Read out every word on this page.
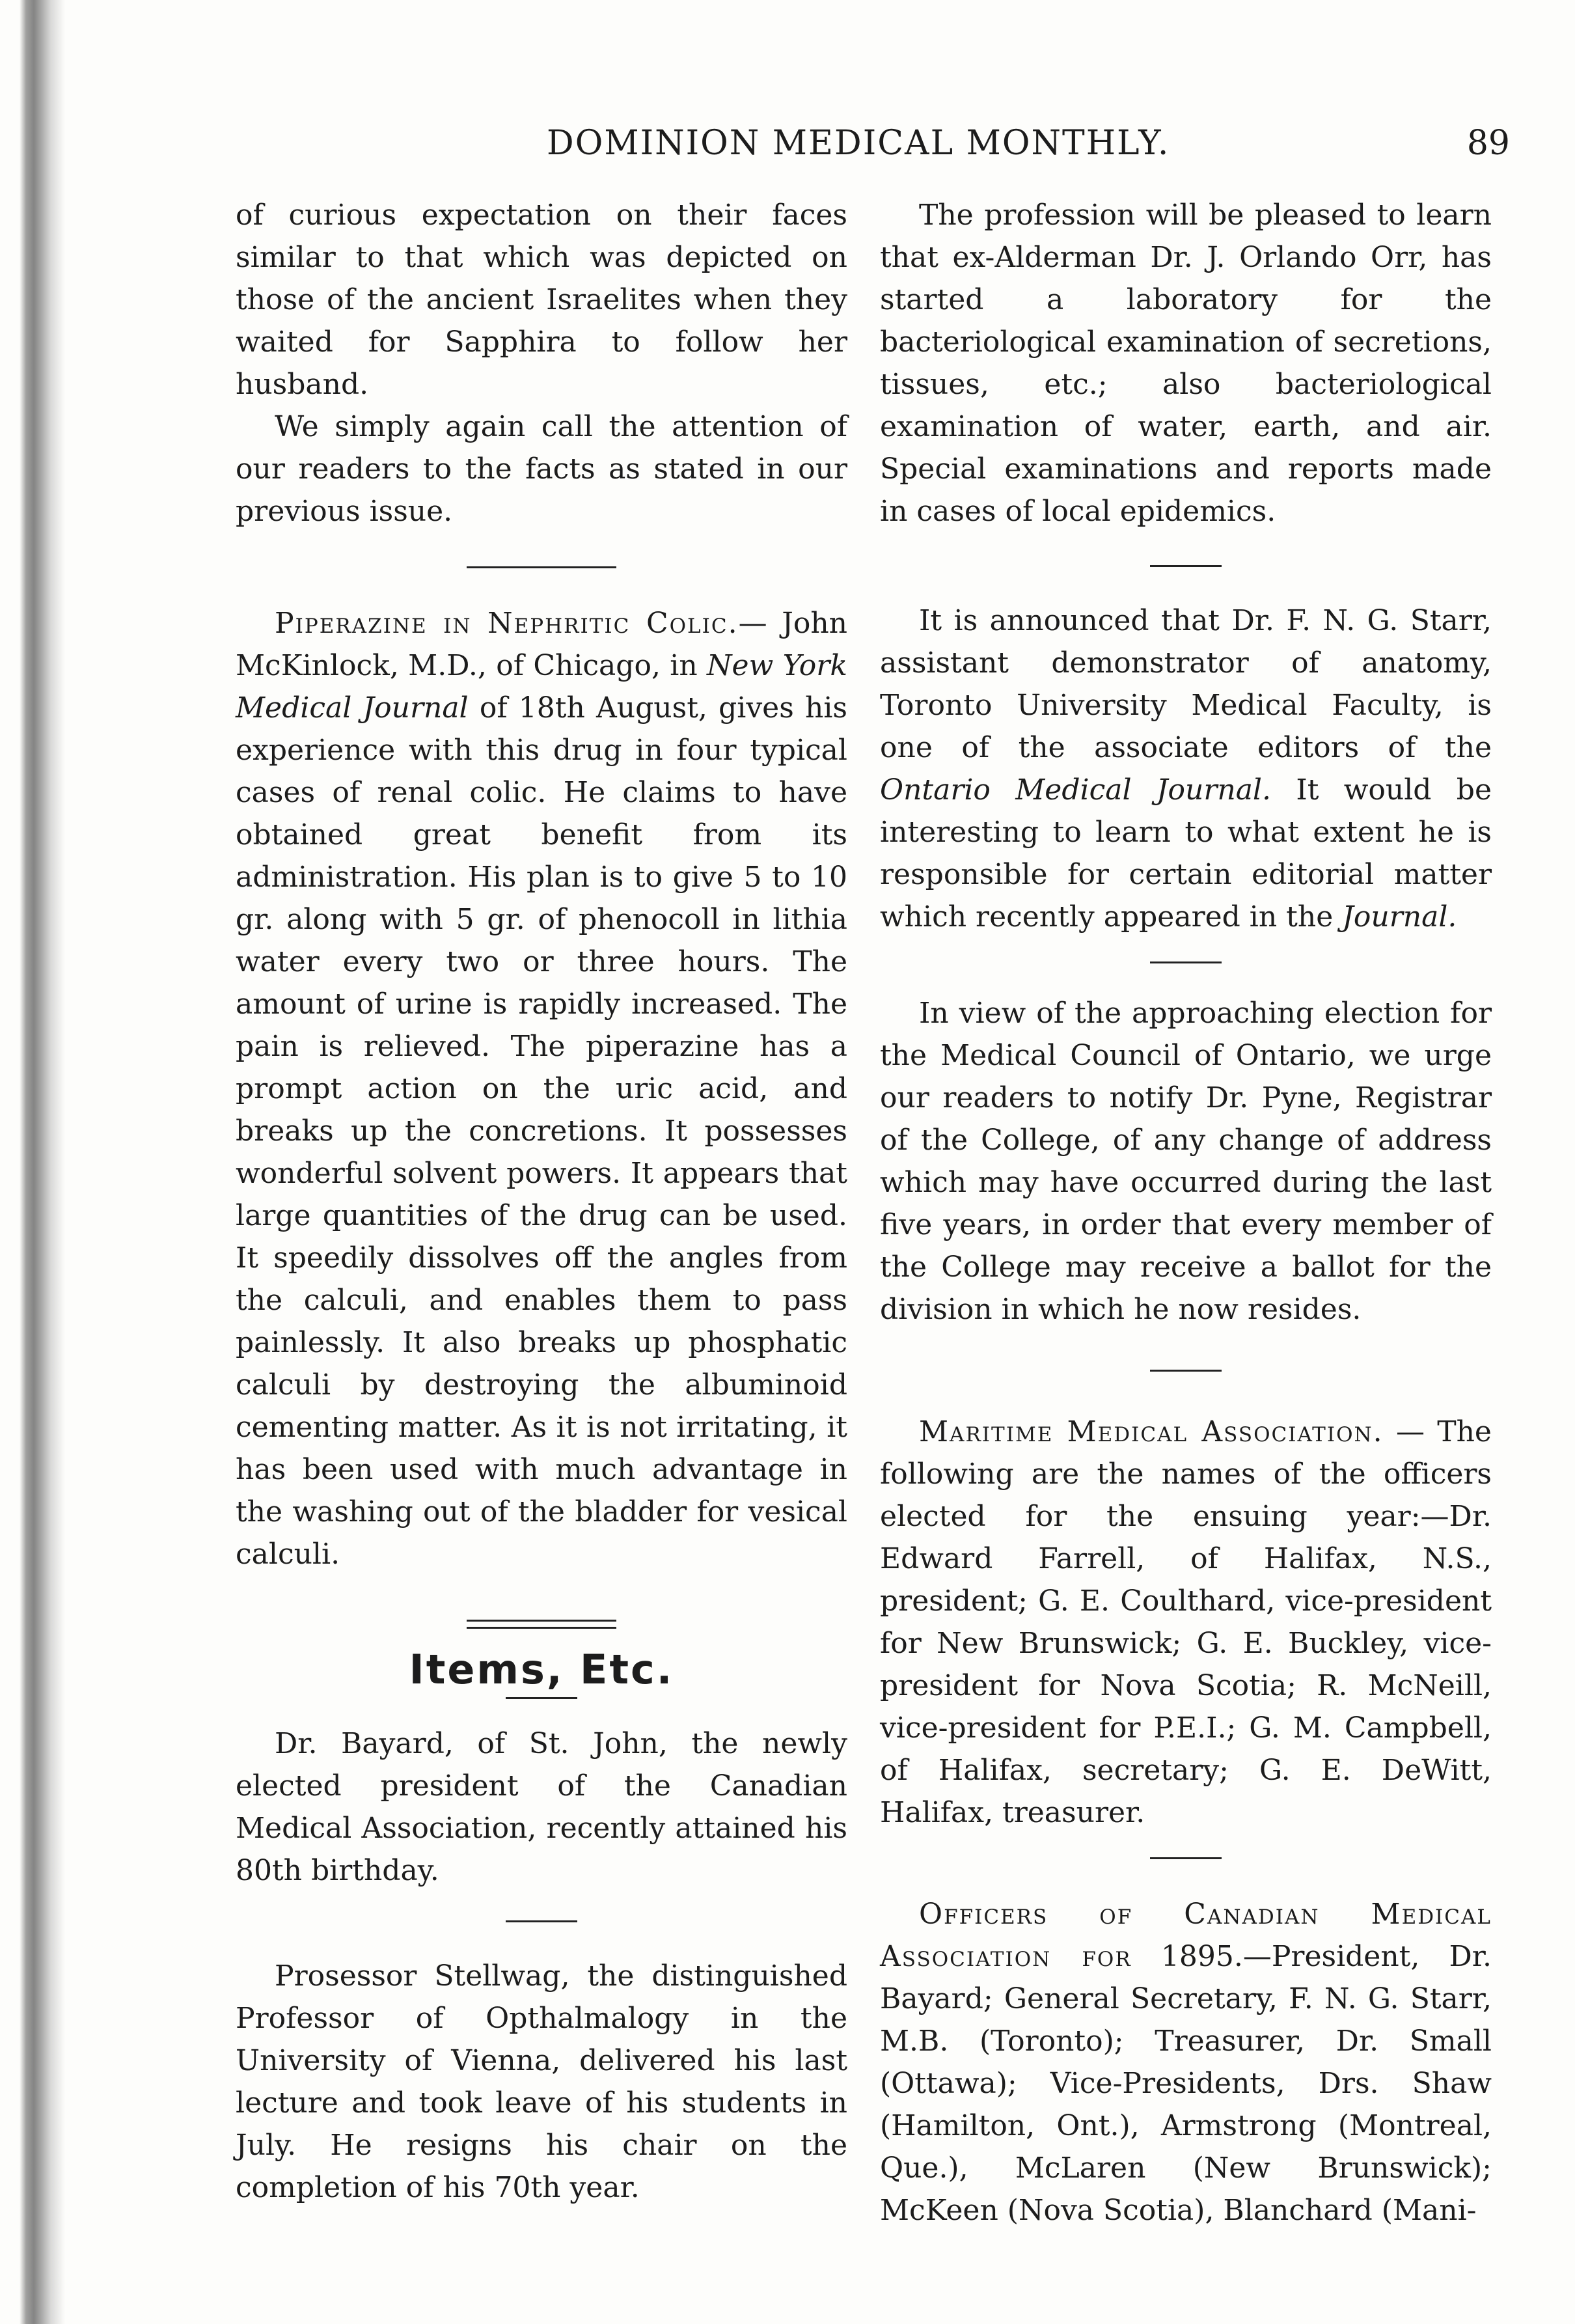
DOMINION MEDICAL MONTHLY.	89

of curious expectation on their faces similar to that which was depicted on those of the ancient Israelites when they waited for Sapphira to follow her husband.

We simply again call the attention of our readers to the facts as stated in our previous issue.

Piperazine in Nephritic Colic.— John McKinlock, M.D., of Chicago, in New York Medical Journal of 18th August, gives his experience with this drug in four typical cases of renal colic. He claims to have obtained great benefit from its administration. His plan is to give 5 to 10 gr. along with 5 gr. of phenocoll in lithia water every two or three hours. The amount of urine is rapidly increased. The pain is relieved. The piperazine has a prompt action on the uric acid, and breaks up the concretions. It possesses wonderful solvent powers. It appears that large quantities of the drug can be used. It speedily dissolves off the angles from the calculi, and enables them to pass painlessly. It also breaks up phosphatic calculi by destroying the albuminoid cementing matter. As it is not irritating, it has been used with much advantage in the washing out of the bladder for vesical calculi.

Items, Etc.

Dr. Bayard, of St. John, the newly elected president of the Canadian Medical Association, recently attained his 80th birthday.

Prosessor Stellwag, the distinguished Professor of Opthalmalogy in the University of Vienna, delivered his last lecture and took leave of his students in July. He resigns his chair on the completion of his 70th year.

The profession will be pleased to learn that ex-Alderman Dr. J. Orlando Orr, has started a laboratory for the bacteriological examination of secretions, tissues, etc.; also bacteriological examination of water, earth, and air. Special examinations and reports made in cases of local epidemics.

It is announced that Dr. F. N. G. Starr, assistant demonstrator of anatomy, Toronto University Medical Faculty, is one of the associate editors of the Ontario Medical Journal. It would be interesting to learn to what extent he is responsible for certain editorial matter which recently appeared in the Journal.

In view of the approaching election for the Medical Council of Ontario, we urge our readers to notify Dr. Pyne, Registrar of the College, of any change of address which may have occurred during the last five years, in order that every member of the College may receive a ballot for the division in which he now resides.

Maritime Medical Association. — The following are the names of the officers elected for the ensuing year:—Dr. Edward Farrell, of Halifax, N.S., president; G. E. Coulthard, vice-president for New Brunswick; G. E. Buckley, vice-president for Nova Scotia; R. McNeill, vice-president for P.E.I.; G. M. Campbell, of Halifax, secretary; G. E. DeWitt, Halifax, treasurer.

Officers of Canadian Medical Association for 1895.—President, Dr. Bayard; General Secretary, F. N. G. Starr, M.B. (Toronto); Treasurer, Dr. Small (Ottawa); Vice-Presidents, Drs. Shaw (Hamilton, Ont.), Armstrong (Montreal, Que.), McLaren (New Brunswick); McKeen (Nova Scotia), Blanchard (Mani-
